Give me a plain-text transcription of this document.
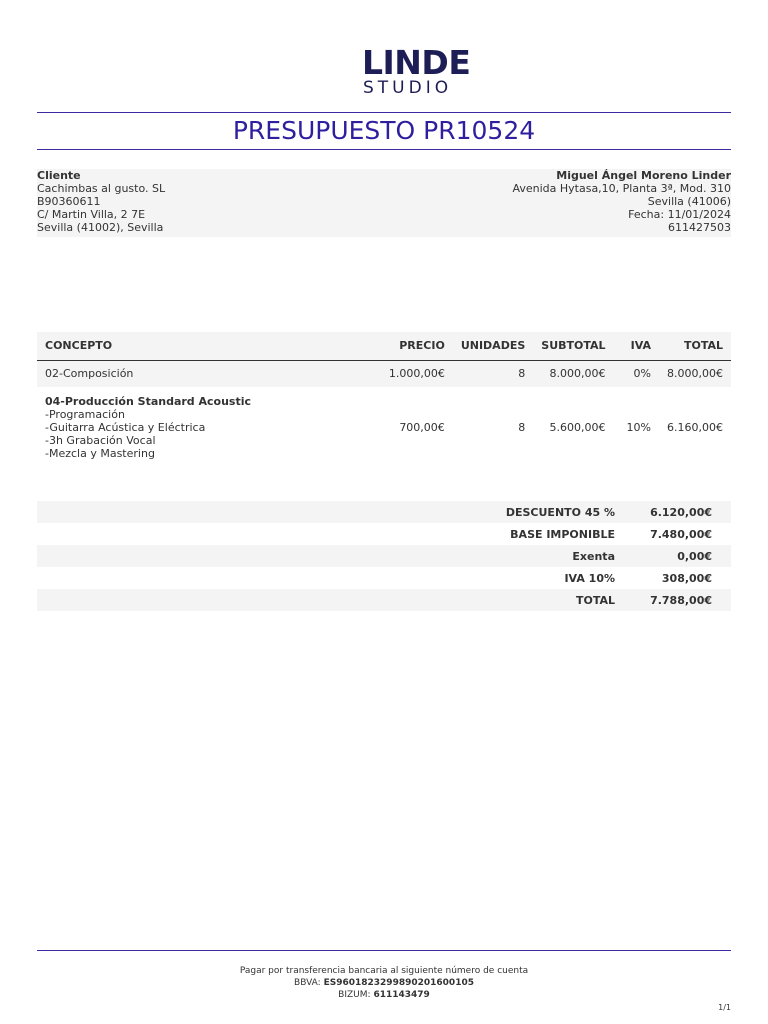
LINDE
STUDIO
PRESUPUESTO PR10524
Cliente
Cachimbas al gusto. SL
B90360611
C/ Martin Villa, 2 7E
Sevilla (41002), Sevilla
Miguel Ángel Moreno Linder
Avenida Hytasa,10, Planta 3ª, Mod. 310
Sevilla (41006)
Fecha: 11/01/2024
611427503
CONCEPTO	PRECIO	UNIDADES	SUBTOTAL	IVA	TOTAL
02-Composición	1.000,00€	8	8.000,00€	0%	8.000,00€

04-Producción Standard Acoustic
-Programación
-Guitarra Acústica y Eléctrica
-3h Grabación Vocal
-Mezcla y Mastering	700,00€	8	5.600,00€	10%	6.160,00€
DESCUENTO 45 %	6.120,00€
BASE IMPONIBLE	7.480,00€
Exenta	0,00€
IVA 10%	308,00€
TOTAL	7.788,00€
Pagar por transferencia bancaria al siguiente número de cuenta
BBVA: ES9601823299890201600105
BIZUM: 611143479
1/1
